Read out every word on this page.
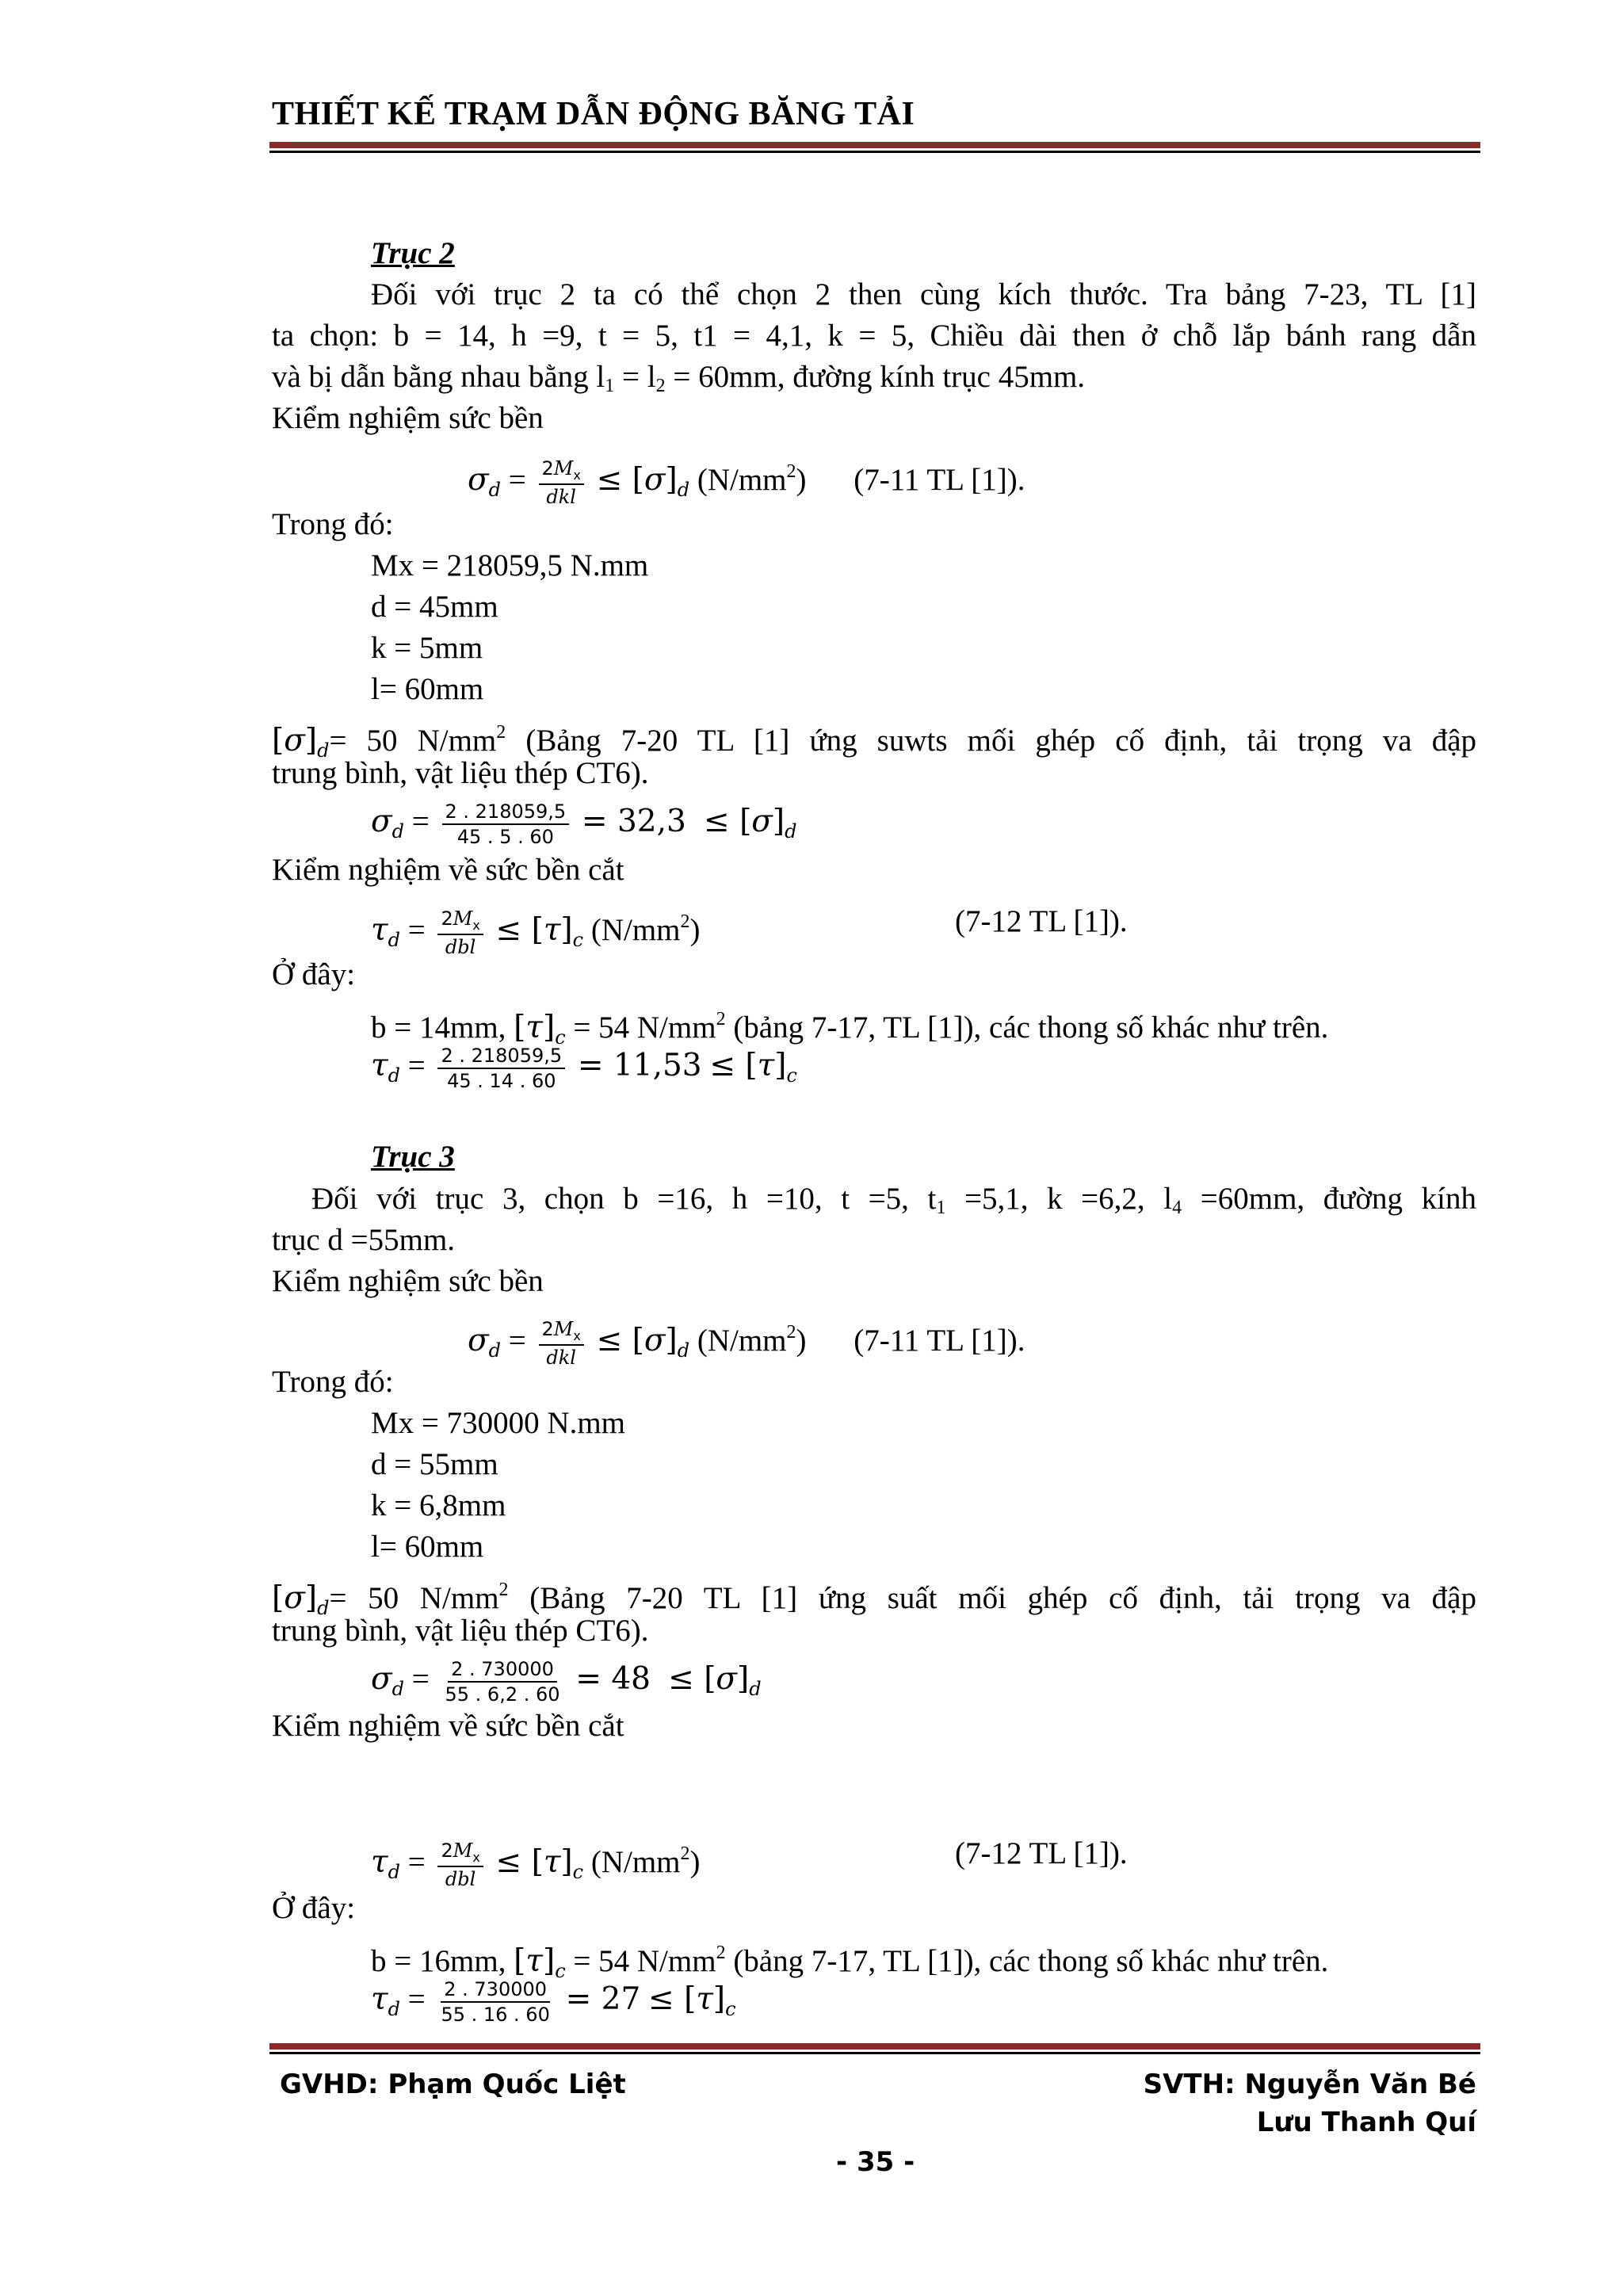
THIẾT KẾ TRẠM DẪN ĐỘNG BĂNG TẢI
Trục 2
Đối với trục 2 ta có thể chọn 2 then cùng kích thước. Tra bảng 7-23, TL [1]
ta chọn: b = 14, h =9, t = 5, t1 = 4,1, k = 5, Chiều dài then ở chỗ lắp bánh rang dẫn
và bị dẫn bằng nhau bằng $l_1 = l_2 = 60mm$, đường kính trục 45mm.
Kiểm nghiệm sức bền
$\sigma_d = \frac{2M_x}{\text{dkl}} \le [\sigma]_d$ $(N/mm^2)$ (7-11 TL [1]).
Trong đó:
Mx = 218059,5 N.mm
d = 45mm
k = 5mm
l= 60mm
$[\sigma]_d= 50$ $N/mm^2$ (Bảng 7-20 TL [1] ứng suwts mối ghép cố định, tải trọng va đập
trung bình, vật liệu thép CT6).
$\sigma_d = \frac{2 . 218059,5}{45 . 5 . 60} = 32,3 \le [\sigma]_d$
Kiểm nghiệm về sức bền cắt
$\tau_d = \frac{2M_x}{\text{dbl}} \le [\tau]_c$ $(N/mm^2)$	(7-12 TL [1]).
Ở đây:
b = 14mm, $[\tau]_c = 54$ $N/mm^2$ (bảng 7-17, TL [1]), các thong số khác như trên.
$\tau_d = \frac{2 . 218059,5}{45 . 14 . 60} = 11,53 \le [\tau]_c$
Trục 3
Đối với trục 3, chọn b =16, h =10, t =5, $t_1 =5,1$, k =6,2, $l_4 =60mm$, đường kính
trục d =55mm.
Kiểm nghiệm sức bền
$\sigma_d = \frac{2M_x}{\text{dkl}} \le [\sigma]_d$ $(N/mm^2)$ (7-11 TL [1]).
Trong đó:
Mx = 730000 N.mm
d = 55mm
k = 6,8mm
l= 60mm
$[\sigma]_d= 50$ $N/mm^2$ (Bảng 7-20 TL [1] ứng suất mối ghép cố định, tải trọng va đập
trung bình, vật liệu thép CT6).
$\sigma_d = \frac{2 . 730000}{55 . 6,2 . 60} = 48 \le [\sigma]_d$
Kiểm nghiệm về sức bền cắt
$\tau_d = \frac{2M_x}{\text{dbl}} \le [\tau]_c$ $(N/mm^2)$	(7-12 TL [1]).
Ở đây:
b = 16mm, $[\tau]_c = 54$ $N/mm^2$ (bảng 7-17, TL [1]), các thong số khác như trên.
$\tau_d = \frac{2 . 730000}{55 . 16 . 60} = 27 \le [\tau]_c$
GVHD: Phạm Quốc Liệt	SVTH: Nguyễn Văn Bé
Lưu Thanh Quí
- 35 -
